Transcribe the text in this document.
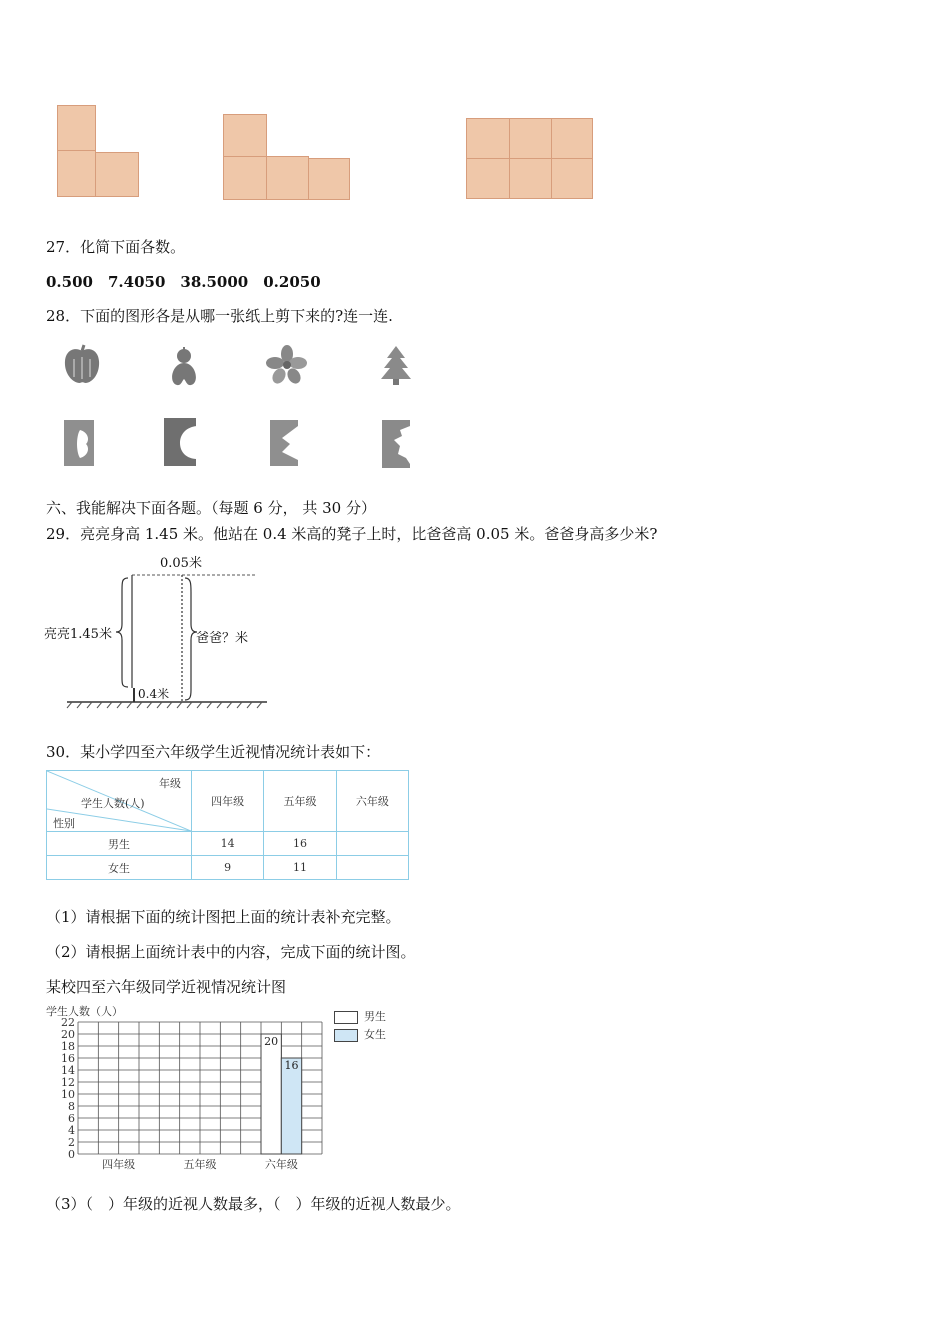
27．化简下面各数。
0.500　7.4050　38.5000　0.2050
28．下面的图形各是从哪一张纸上剪下来的?连一连.
六、我能解决下面各题。（每题 6 分， 共 30 分）
29．亮亮身高 1.45 米。他站在 0.4 米高的凳子上时，比爸爸高 0.05 米。爸爸身高多少米?
0.05米
亮亮1.45米	爸爸？米
0.4米
30．某小学四至六年级学生近视情况统计表如下：
年级
学生人数(人)
性别	四年级	五年级	六年级
男生	14	16	
女生	9	11	
（1）请根据下面的统计图把上面的统计表补充完整。
（2）请根据上面统计表中的内容，完成下面的统计图。
某校四至六年级同学近视情况统计图
学生人数（人）
0
2
4
6
8
10
12
14
16
18
20
22
四年级	五年级	六年级
20
16
男生
女生
（3）（　）年级的近视人数最多，（　）年级的近视人数最少。
